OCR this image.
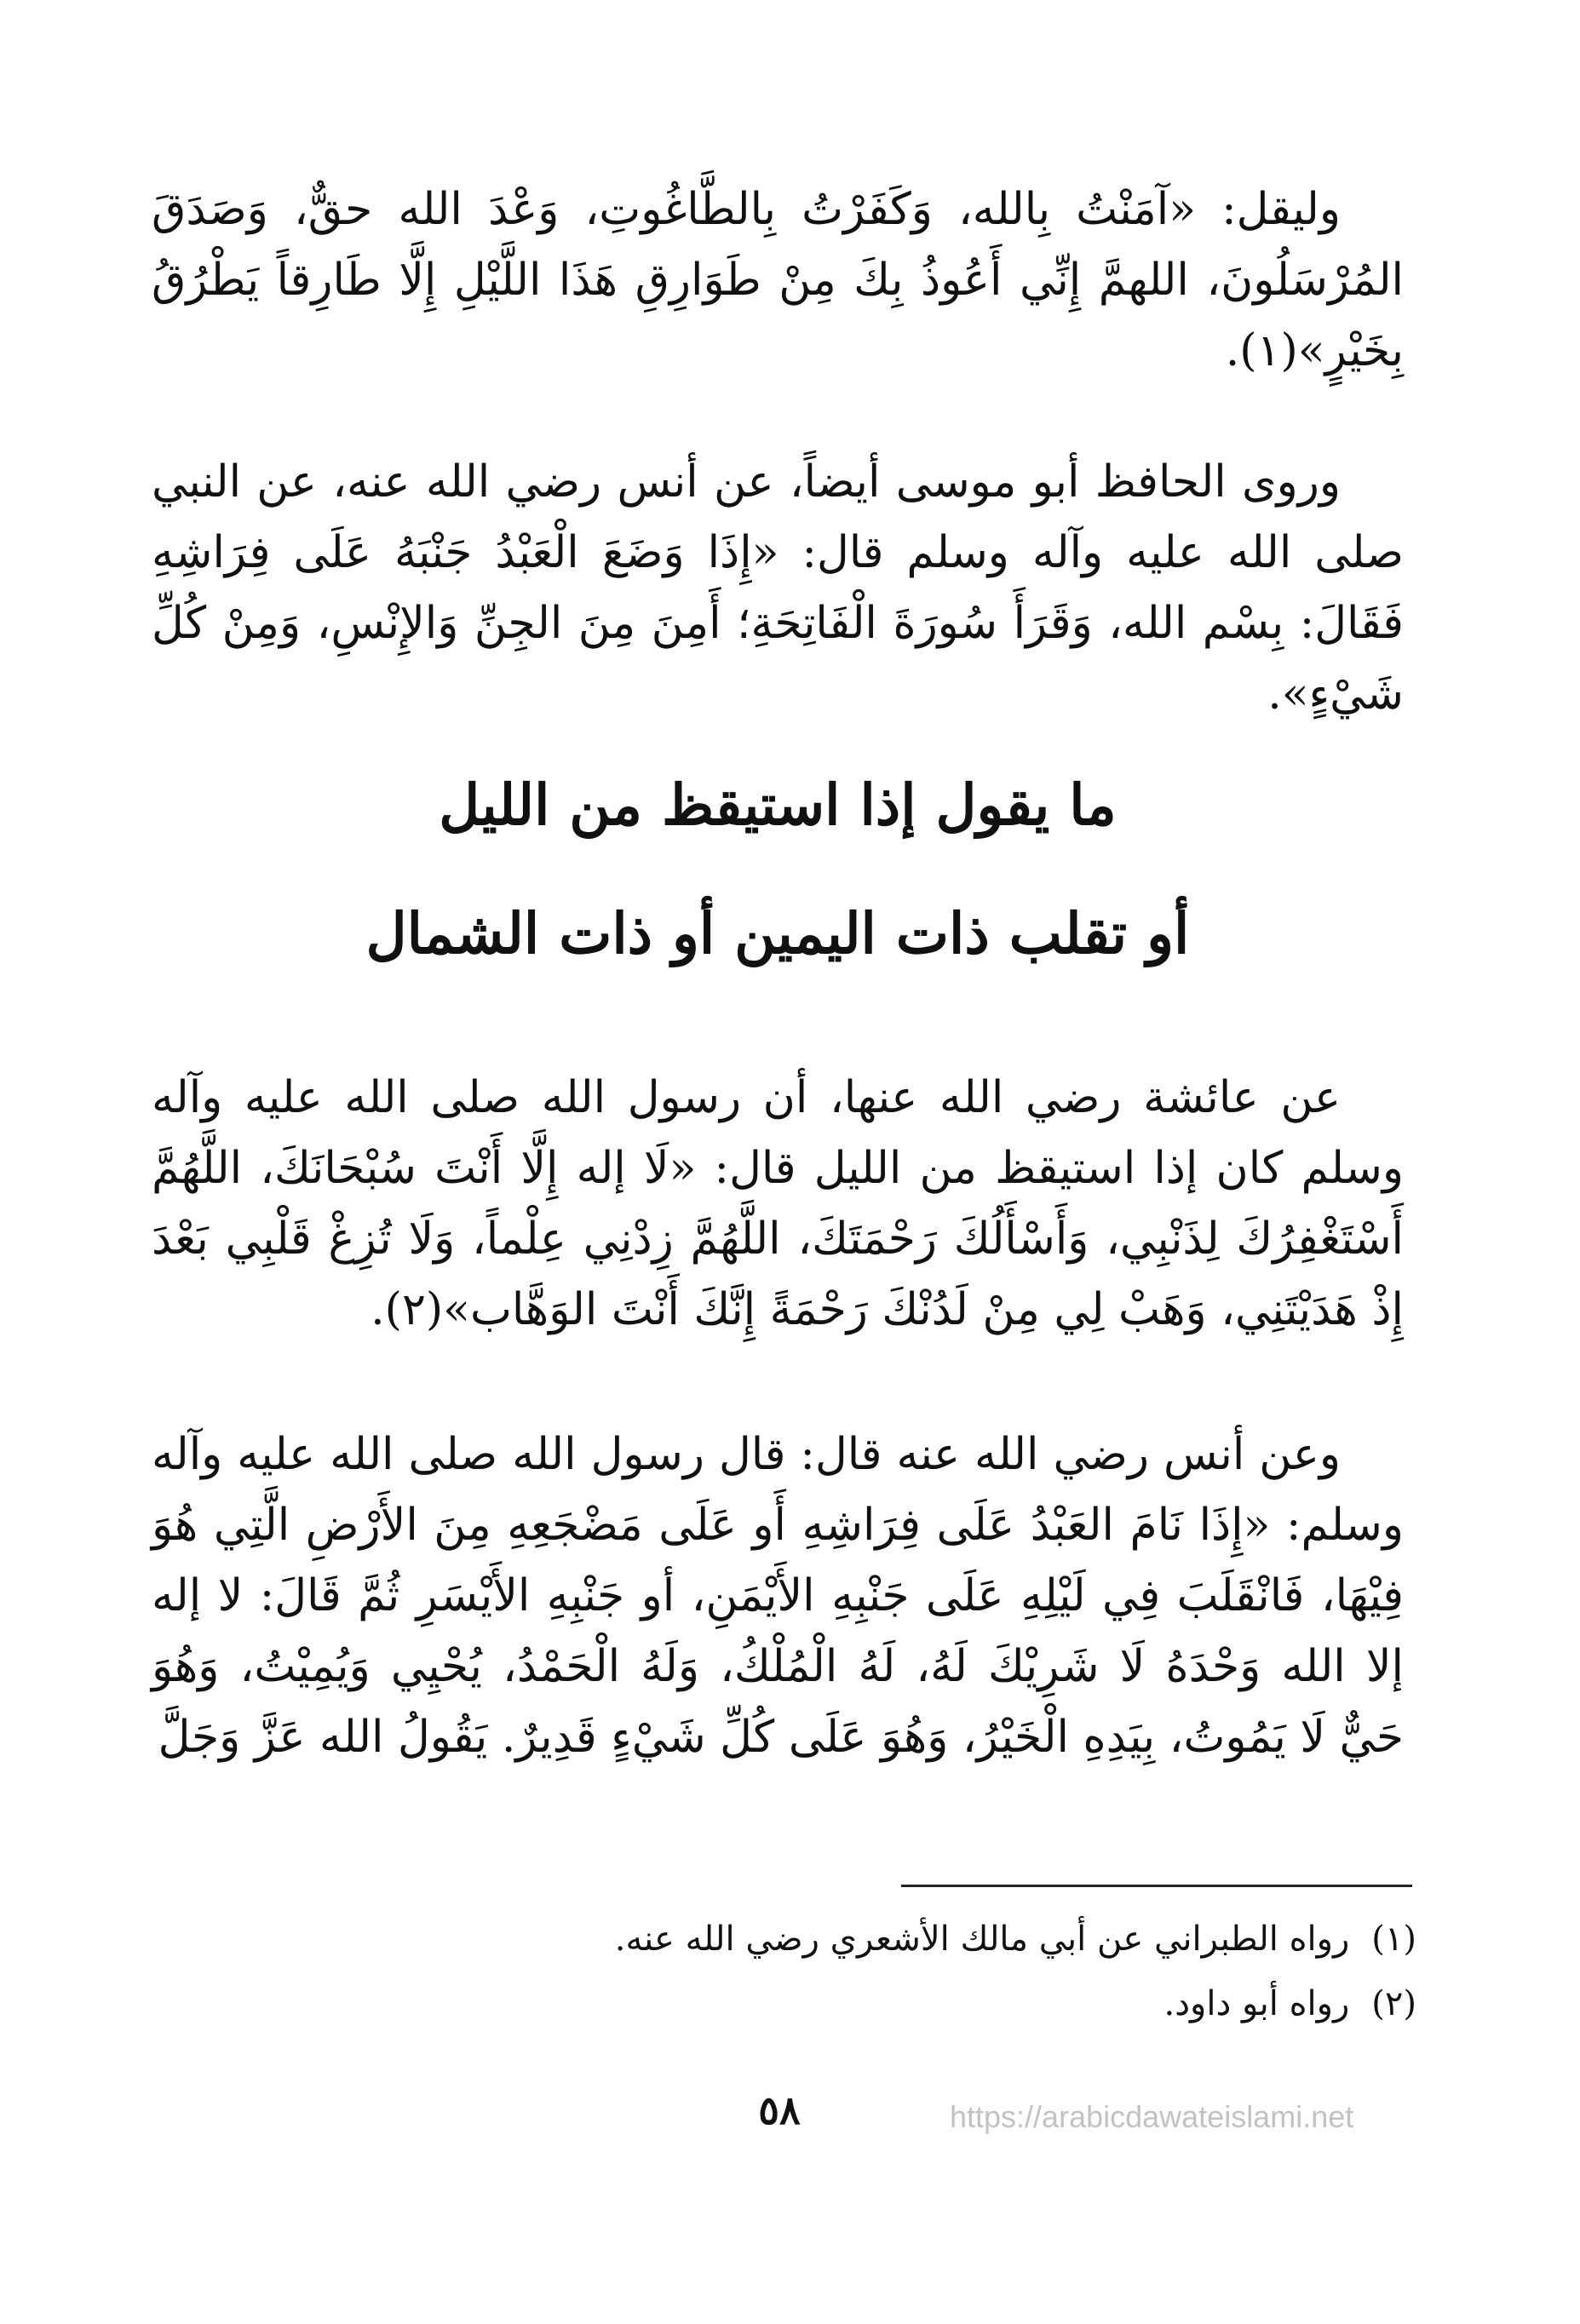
وليقل: «آمَنْتُ بِالله، وَكَفَرْتُ بِالطَّاغُوتِ، وَعْدَ الله حقٌّ، وَصَدَقَ المُرْسَلُونَ، اللهمَّ إِنِّي أَعُوذُ بِكَ مِنْ طَوَارِقِ هَذَا اللَّيْلِ إِلَّا طَارِقاً يَطْرُقُ بِخَيْرٍ»(١).

وروى الحافظ أبو موسى أيضاً، عن أنس رضي الله عنه، عن النبي صلى الله عليه وآله وسلم قال: «إِذَا وَضَعَ الْعَبْدُ جَنْبَهُ عَلَى فِرَاشِهِ فَقَالَ: بِسْم الله، وَقَرَأَ سُورَةَ الْفَاتِحَةِ؛ أَمِنَ مِنَ الجِنِّ وَالإِنْسِ، وَمِنْ كُلِّ شَيْءٍ».

ما يقول إذا استيقظ من الليل
أو تقلب ذات اليمين أو ذات الشمال

عن عائشة رضي الله عنها، أن رسول الله صلى الله عليه وآله وسلم كان إذا استيقظ من الليل قال: «لَا إله إِلَّا أَنْتَ سُبْحَانَكَ، اللَّهُمَّ أَسْتَغْفِرُكَ لِذَنْبِي، وَأَسْأَلُكَ رَحْمَتَكَ، اللَّهُمَّ زِدْنِي عِلْماً، وَلَا تُزِغْ قَلْبِي بَعْدَ إِذْ هَدَيْتَنِي، وَهَبْ لِي مِنْ لَدُنْكَ رَحْمَةً إِنَّكَ أَنْتَ الوَهَّاب»(٢).

وعن أنس رضي الله عنه قال: قال رسول الله صلى الله عليه وآله وسلم: «إِذَا نَامَ العَبْدُ عَلَى فِرَاشِهِ أَو عَلَى مَضْجَعِهِ مِنَ الأَرْضِ الَّتِي هُوَ فِيْهَا، فَانْقَلَبَ فِي لَيْلِهِ عَلَى جَنْبِهِ الأَيْمَنِ، أو جَنْبِهِ الأَيْسَرِ ثُمَّ قَالَ: لا إله إلا الله وَحْدَهُ لَا شَرِيْكَ لَهُ، لَهُ الْمُلْكُ، وَلَهُ الْحَمْدُ، يُحْيِي وَيُمِيْتُ، وَهُوَ حَيٌّ لَا يَمُوتُ، بِيَدِهِ الْخَيْرُ، وَهُوَ عَلَى كُلِّ شَيْءٍ قَدِيرٌ. يَقُولُ الله عَزَّ وَجَلَّ

(١)رواه الطبراني عن أبي مالك الأشعري رضي الله عنه.
(٢)رواه أبو داود.
٥٨	https://arabicdawateislami.net
